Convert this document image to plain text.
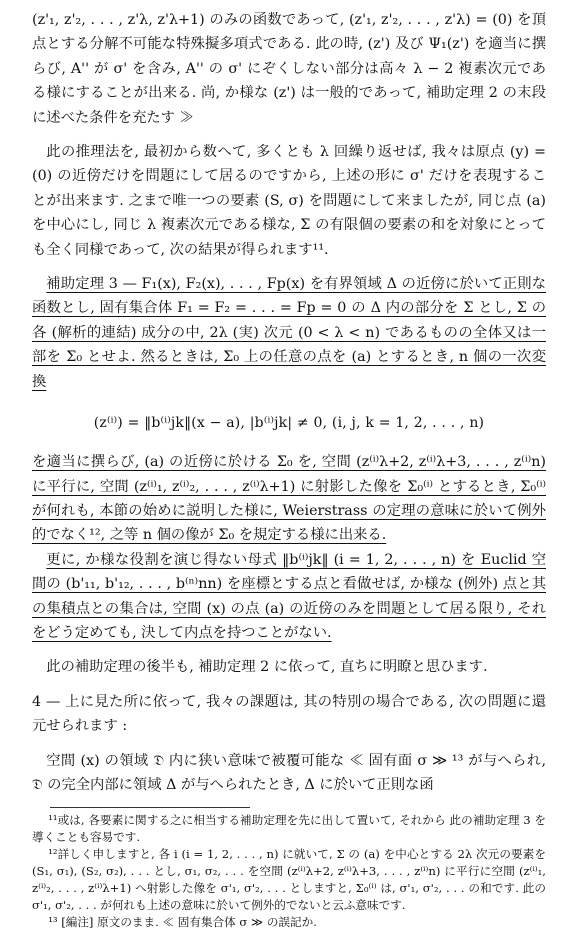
(z'₁, z'₂, . . . , z'λ, z'λ+1) のみの函数であって, (z'₁, z'₂, . . . , z'λ) = (0) を頂点とする分解不可能な特殊擬多項式である. 此の時, (z') 及び Ψ₁(z') を適当に撰らび, A'' が σ' を含み, A'' の σ' にぞくしない部分は高々 λ − 2 複素次元である様にすることが出来る. 尚, か様な (z') は一般的であって, 補助定理 2 の末段に述べた条件を充たす ≫

此の推理法を, 最初から数へて, 多くとも λ 回繰り返せば, 我々は原点 (y) = (0) の近傍だけを問題にして居るのですから, 上述の形に σ' だけを表現することが出来ます. 之まで唯一つの要素 (S, σ) を問題にして来ましたが, 同じ点 (a) を中心にし, 同じ λ 複素次元である様な, Σ の有限個の要素の和を対象にとっても全く同様であって, 次の結果が得られます¹¹.

補助定理 3 — F₁(x), F₂(x), . . . , Fp(x) を有界領域 Δ の近傍に於いて正則な函数とし, 固有集合体 F₁ = F₂ = . . . = Fp = 0 の Δ 内の部分を Σ とし, Σ の各 (解析的連結) 成分の中, 2λ (実) 次元 (0 < λ < n) であるものの全体又は一部を Σ₀ とせよ. 然るときは, Σ₀ 上の任意の点を (a) とするとき, n 個の一次変換

(z⁽ⁱ⁾) = ‖b⁽ⁱ⁾jk‖(x − a), |b⁽ⁱ⁾jk| ≠ 0, (i, j, k = 1, 2, . . . , n)

を適当に撰らび, (a) の近傍に於ける Σ₀ を, 空間 (z⁽ⁱ⁾λ+2, z⁽ⁱ⁾λ+3, . . . , z⁽ⁱ⁾n) に平行に, 空間 (z⁽ⁱ⁾₁, z⁽ⁱ⁾₂, . . . , z⁽ⁱ⁾λ+1) に射影した像を Σ₀⁽ⁱ⁾ とするとき, Σ₀⁽ⁱ⁾ が何れも, 本節の始めに説明した様に, Weierstrass の定理の意味に於いて例外的でなく¹², 之等 n 個の像が Σ₀ を規定する様に出来る.

更に, か様な役割を演じ得ない母式 ‖b⁽ⁱ⁾jk‖ (i = 1, 2, . . . , n) を Euclid 空間の (b'₁₁, b'₁₂, . . . , b⁽ⁿ⁾nn) を座標とする点と看做せば, か様な (例外) 点と其の集積点との集合は, 空間 (x) の点 (a) の近傍のみを問題として居る限り, それをどう定めても, 決して内点を持つことがない.

此の補助定理の後半も, 補助定理 2 に依って, 直ちに明瞭と思ひます.

4 — 上に見た所に依って, 我々の課題は, 其の特別の場合である, 次の問題に還元せられます :

空間 (x) の領域 𝔇 内に狭い意味で被覆可能な ≪ 固有面 σ ≫ ¹³ が与へられ, 𝔇 の完全内部に領域 Δ が与へられたとき, Δ に於いて正則な函

¹¹或は, 各要素に関する之に相当する補助定理を先に出して置いて, それから 此の補助定理 3 を導くことも容易です.

¹²詳しく申しますと, 各 i (i = 1, 2, . . . , n) に就いて, Σ の (a) を中心とする 2λ 次元の要素を (S₁, σ₁), (S₂, σ₂), . . . とし, σ₁, σ₂, . . . を空間 (z⁽ⁱ⁾λ+2, z⁽ⁱ⁾λ+3, . . . , z⁽ⁱ⁾n) に平行に空間 (z⁽ⁱ⁾₁, z⁽ⁱ⁾₂, . . . , z⁽ⁱ⁾λ+1) へ射影した像を σ'₁, σ'₂, . . . としますと, Σ₀⁽ⁱ⁾ は, σ'₁, σ'₂, . . . の和です. 此の σ'₁, σ'₂, . . . が何れも上述の意味に於いて例外的でないと云ふ意味です.

¹³ [編注] 原文のまま. ≪ 固有集合体 σ ≫ の誤記か.
